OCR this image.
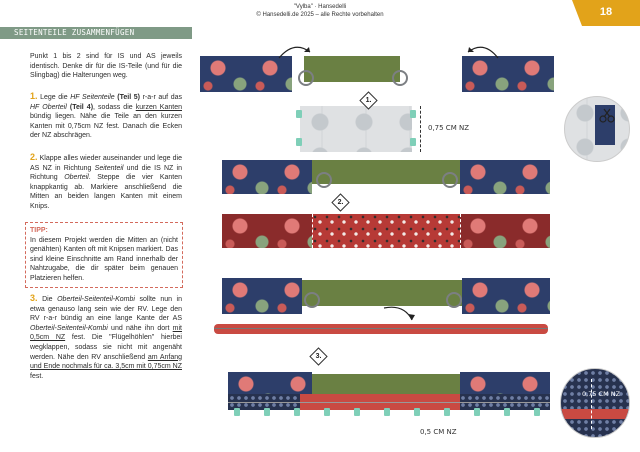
"Vylba" · Hansedelli
© Hansedelli.de 2025 – alle Rechte vorbehalten	18
SEITENTEILE ZUSAMMENFÜGEN
Punkt 1 bis 2 sind für IS und AS jeweils identisch. Denke dir für die IS-Teile (und für die Slingbag) die Halterungen weg.
1. Lege die HF Seitenteile (Teil 5) r-a-r auf das HF Oberteil (Teil 4), sodass die kurzen Kanten bündig liegen. Nähe die Teile an den kurzen Kanten mit 0,75cm NZ fest. Danach die Ecken der NZ abschrägen.
2. Klappe alles wieder auseinander und lege die AS NZ in Richtung Seitenteil und die IS NZ in Richtung Oberteil. Steppe die vier Kanten knappkantig ab. Markiere anschließend die Mitten an beiden langen Kanten mit einem Knips.
TIPP:
In diesem Projekt werden die Mitten an (nicht genähten) Kanten oft mit Knipsen markiert. Das sind kleine Einschnitte am Rand innerhalb der Nahtzugabe, die dir später beim genauen Platzieren helfen.
3. Die Oberteil-Seitenteil-Kombi sollte nun in etwa genauso lang sein wie der RV. Lege den RV r-a-r bündig an eine lange Kante der AS Oberteil-Seitenteil-Kombi und nähe ihn dort mit 0,5cm NZ fest. Die "Flügelhöhlen" hierbei wegklappen, sodass sie nicht mit angenäht werden. Nähe den RV anschließend am Anfang und Ende nochmals für ca. 3,5cm mit 0,75cm NZ fest.
1.
0,75 CM NZ
2.
3.
0,5 CM NZ
0,75 CM NZ
